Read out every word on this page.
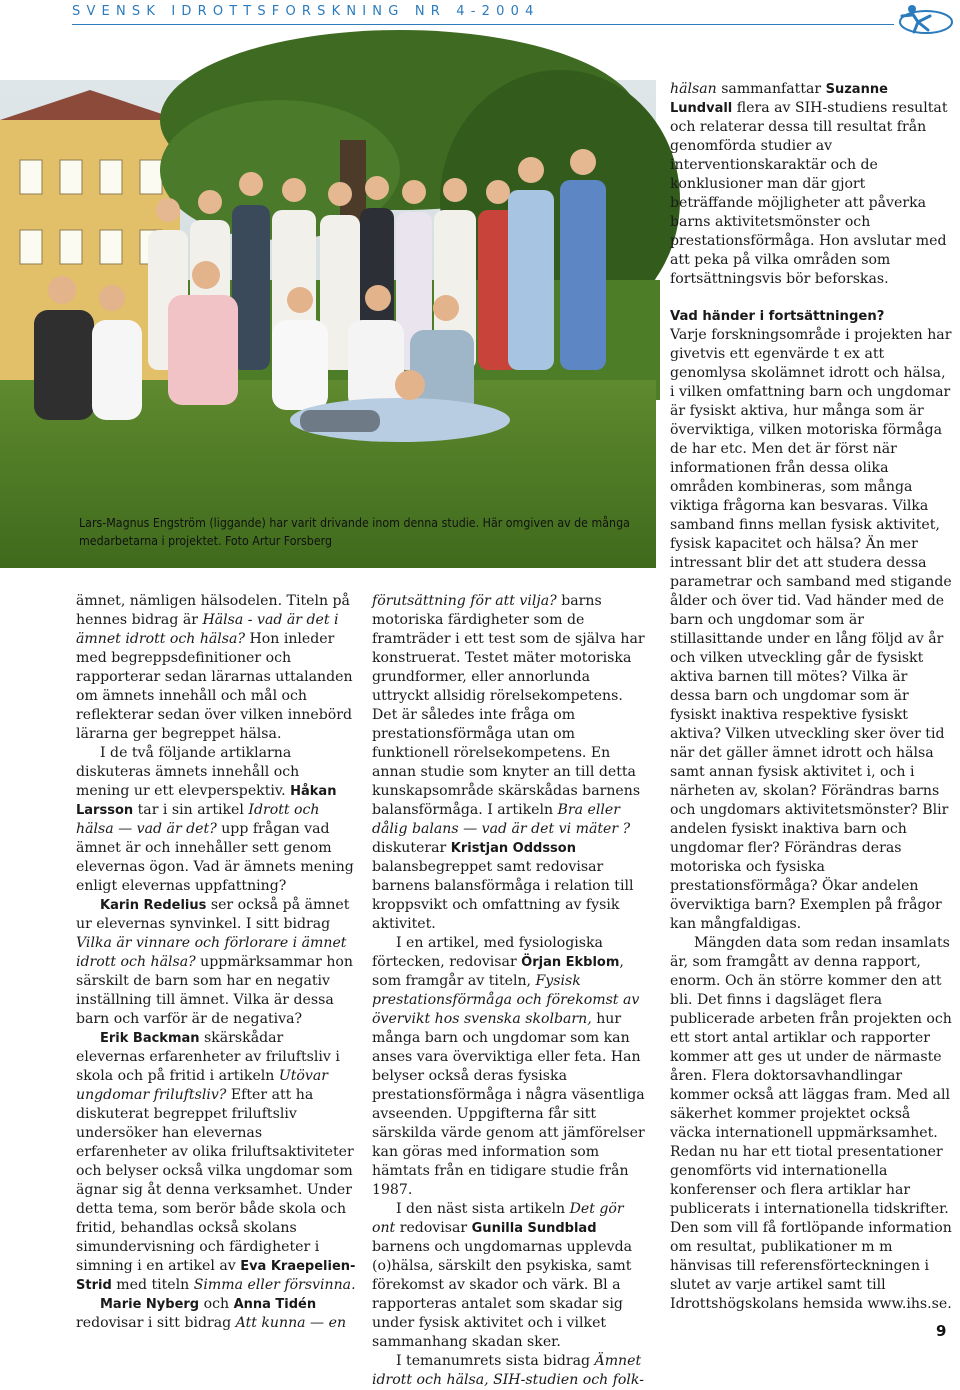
SVENSK IDROTTSFORSKNING NR 4-2004
Lars-Magnus Engström (liggande) har varit drivande inom denna studie. Här omgiven av de många medarbetarna i projektet. Foto Artur Forsberg

ämnet, nämligen hälsodelen. Titeln på hennes bidrag är Hälsa - vad är det i ämnet idrott och hälsa? Hon inleder med begreppsdefinitioner och rapporterar sedan lärarnas uttalanden om ämnets innehåll och mål och reflekterar sedan över vilken innebörd lärarna ger begreppet hälsa.

I de två följande artiklarna diskuteras ämnets innehåll och mening ur ett elevperspektiv. Håkan Larsson tar i sin artikel Idrott och hälsa — vad är det? upp frågan vad ämnet är och innehåller sett genom elevernas ögon. Vad är ämnets mening enligt elevernas uppfattning?

Karin Redelius ser också på ämnet ur elevernas synvinkel. I sitt bidrag Vilka är vinnare och förlorare i ämnet idrott och hälsa? uppmärksammar hon särskilt de barn som har en negativ inställning till ämnet. Vilka är dessa barn och varför är de negativa?

Erik Backman skärskådar elevernas erfarenheter av friluftsliv i skola och på fritid i artikeln Utövar ungdomar friluftsliv? Efter att ha diskuterat begreppet friluftsliv undersöker han elevernas erfarenheter av olika friluftsaktiviteter och belyser också vilka ungdomar som ägnar sig åt denna verksamhet. Under detta tema, som berör både skola och fritid, behandlas också skolans simundervisning och färdigheter i simning i en artikel av Eva Kraepelien-Strid med titeln Simma eller försvinna.

Marie Nyberg och Anna Tidén redovisar i sitt bidrag Att kunna — en

förutsättning för att vilja? barns motoriska färdigheter som de framträder i ett test som de själva har konstruerat. Testet mäter motoriska grundformer, eller annorlunda uttryckt allsidig rörelsekompetens. Det är således inte fråga om prestationsförmåga utan om funktionell rörelsekompetens. En annan studie som knyter an till detta kunskapsområde skärskådas barnens balansförmåga. I artikeln Bra eller dålig balans — vad är det vi mäter ? diskuterar Kristjan Oddsson balansbegreppet samt redovisar barnens balansförmåga i relation till kroppsvikt och omfattning av fysik aktivitet.

I en artikel, med fysiologiska förtecken, redovisar Örjan Ekblom, som framgår av titeln, Fysisk prestationsförmåga och förekomst av övervikt hos svenska skolbarn, hur många barn och ungdomar som kan anses vara överviktiga eller feta. Han belyser också deras fysiska prestationsförmåga i några väsentliga avseenden. Uppgifterna får sitt särskilda värde genom att jämförelser kan göras med information som hämtats från en tidigare studie från 1987.

I den näst sista artikeln Det gör ont redovisar Gunilla Sundblad barnens och ungdomarnas upplevda (o)hälsa, särskilt den psykiska, samt förekomst av skador och värk. Bl a rapporteras antalet som skadar sig under fysisk aktivitet och i vilket sammanhang skadan sker.

I temanumrets sista bidrag Ämnet idrott och hälsa, SIH-studien och folk-

hälsan sammanfattar Suzanne Lundvall flera av SIH-studiens resultat och relaterar dessa till resultat från genomförda studier av interventionskaraktär och de konklusioner man där gjort beträffande möjligheter att påverka barns aktivitetsmönster och prestationsförmåga. Hon avslutar med att peka på vilka områden som fortsättningsvis bör beforskas.

Vad händer i fortsättningen?

Varje forskningsområde i projekten har givetvis ett egenvärde t ex att genomlysa skolämnet idrott och hälsa, i vilken omfattning barn och ungdomar är fysiskt aktiva, hur många som är överviktiga, vilken motoriska förmåga de har etc. Men det är först när informationen från dessa olika områden kombineras, som många viktiga frågorna kan besvaras. Vilka samband finns mellan fysisk aktivitet, fysisk kapacitet och hälsa? Än mer intressant blir det att studera dessa parametrar och samband med stigande ålder och över tid. Vad händer med de barn och ungdomar som är stillasittande under en lång följd av år och vilken utveckling går de fysiskt aktiva barnen till mötes? Vilka är dessa barn och ungdomar som är fysiskt inaktiva respektive fysiskt aktiva? Vilken utveckling sker över tid när det gäller ämnet idrott och hälsa samt annan fysisk aktivitet i, och i närheten av, skolan? Förändras barns och ungdomars aktivitetsmönster? Blir andelen fysiskt inaktiva barn och ungdomar fler? Förändras deras motoriska och fysiska prestationsförmåga? Ökar andelen överviktiga barn? Exemplen på frågor kan mångfaldigas.

Mängden data som redan insamlats är, som framgått av denna rapport, enorm. Och än större kommer den att bli. Det finns i dagsläget flera publicerade arbeten från projekten och ett stort antal artiklar och rapporter kommer att ges ut under de närmaste åren. Flera doktorsavhandlingar kommer också att läggas fram. Med all säkerhet kommer projektet också väcka internationell uppmärksamhet. Redan nu har ett tiotal presentationer genomförts vid internationella konferenser och flera artiklar har publicerats i internationella tidskrifter. Den som vill få fortlöpande information om resultat, publikationer m m hänvisas till referensförteckningen i slutet av varje artikel samt till Idrottshögskolans hemsida www.ihs.se.

9
